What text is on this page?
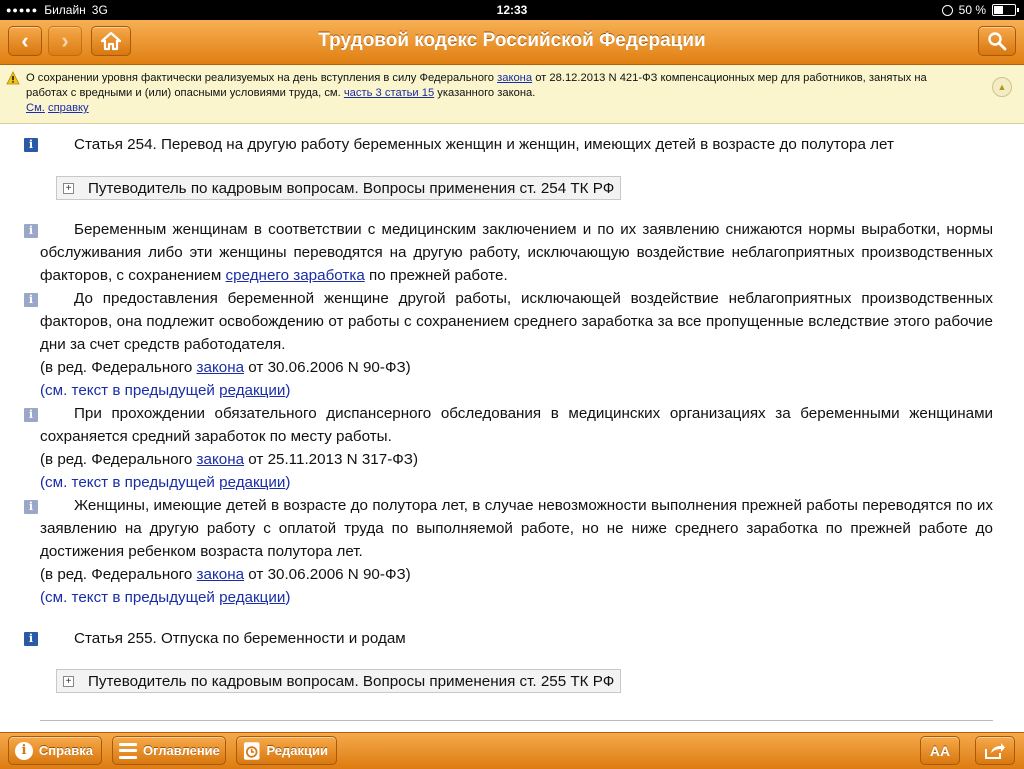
●●●●● Билайн 3G	12:33	50 %
‹ ›	Трудовой кодекс Российской Федерации
О сохранении уровня фактически реализуемых на день вступления в силу Федерального закона от 28.12.2013 N 421-ФЗ компенсационных мер для работников, занятых на работах с вредными и (или) опасными условиями труда, см. часть 3 статьи 15 указанного закона.
См. справку
▲
i	Статья 254. Перевод на другую работу беременных женщин и женщин, имеющих детей в возрасте до полутора лет
+ Путеводитель по кадровым вопросам. Вопросы применения ст. 254 ТК РФ
i	Беременным женщинам в соответствии с медицинским заключением и по их заявлению снижаются нормы выработки, нормы обслуживания либо эти женщины переводятся на другую работу, исключающую воздействие неблагоприятных производственных факторов, с сохранением среднего заработка по прежней работе.
i	До предоставления беременной женщине другой работы, исключающей воздействие неблагоприятных производственных факторов, она подлежит освобождению от работы с сохранением среднего заработка за все пропущенные вследствие этого рабочие дни за счет средств работодателя.
(в ред. Федерального закона от 30.06.2006 N 90-ФЗ)
(см. текст в предыдущей редакции)
i	При прохождении обязательного диспансерного обследования в медицинских организациях за беременными женщинами сохраняется средний заработок по месту работы.
(в ред. Федерального закона от 25.11.2013 N 317-ФЗ)
(см. текст в предыдущей редакции)
i	Женщины, имеющие детей в возрасте до полутора лет, в случае невозможности выполнения прежней работы переводятся по их заявлению на другую работу с оплатой труда по выполняемой работе, но не ниже среднего заработка по прежней работе до достижения ребенком возраста полутора лет.
(в ред. Федерального закона от 30.06.2006 N 90-ФЗ)
(см. текст в предыдущей редакции)
i	Статья 255. Отпуска по беременности и родам
+ Путеводитель по кадровым вопросам. Вопросы применения ст. 255 ТК РФ
i Справка	Оглавление	Редакции	AA
